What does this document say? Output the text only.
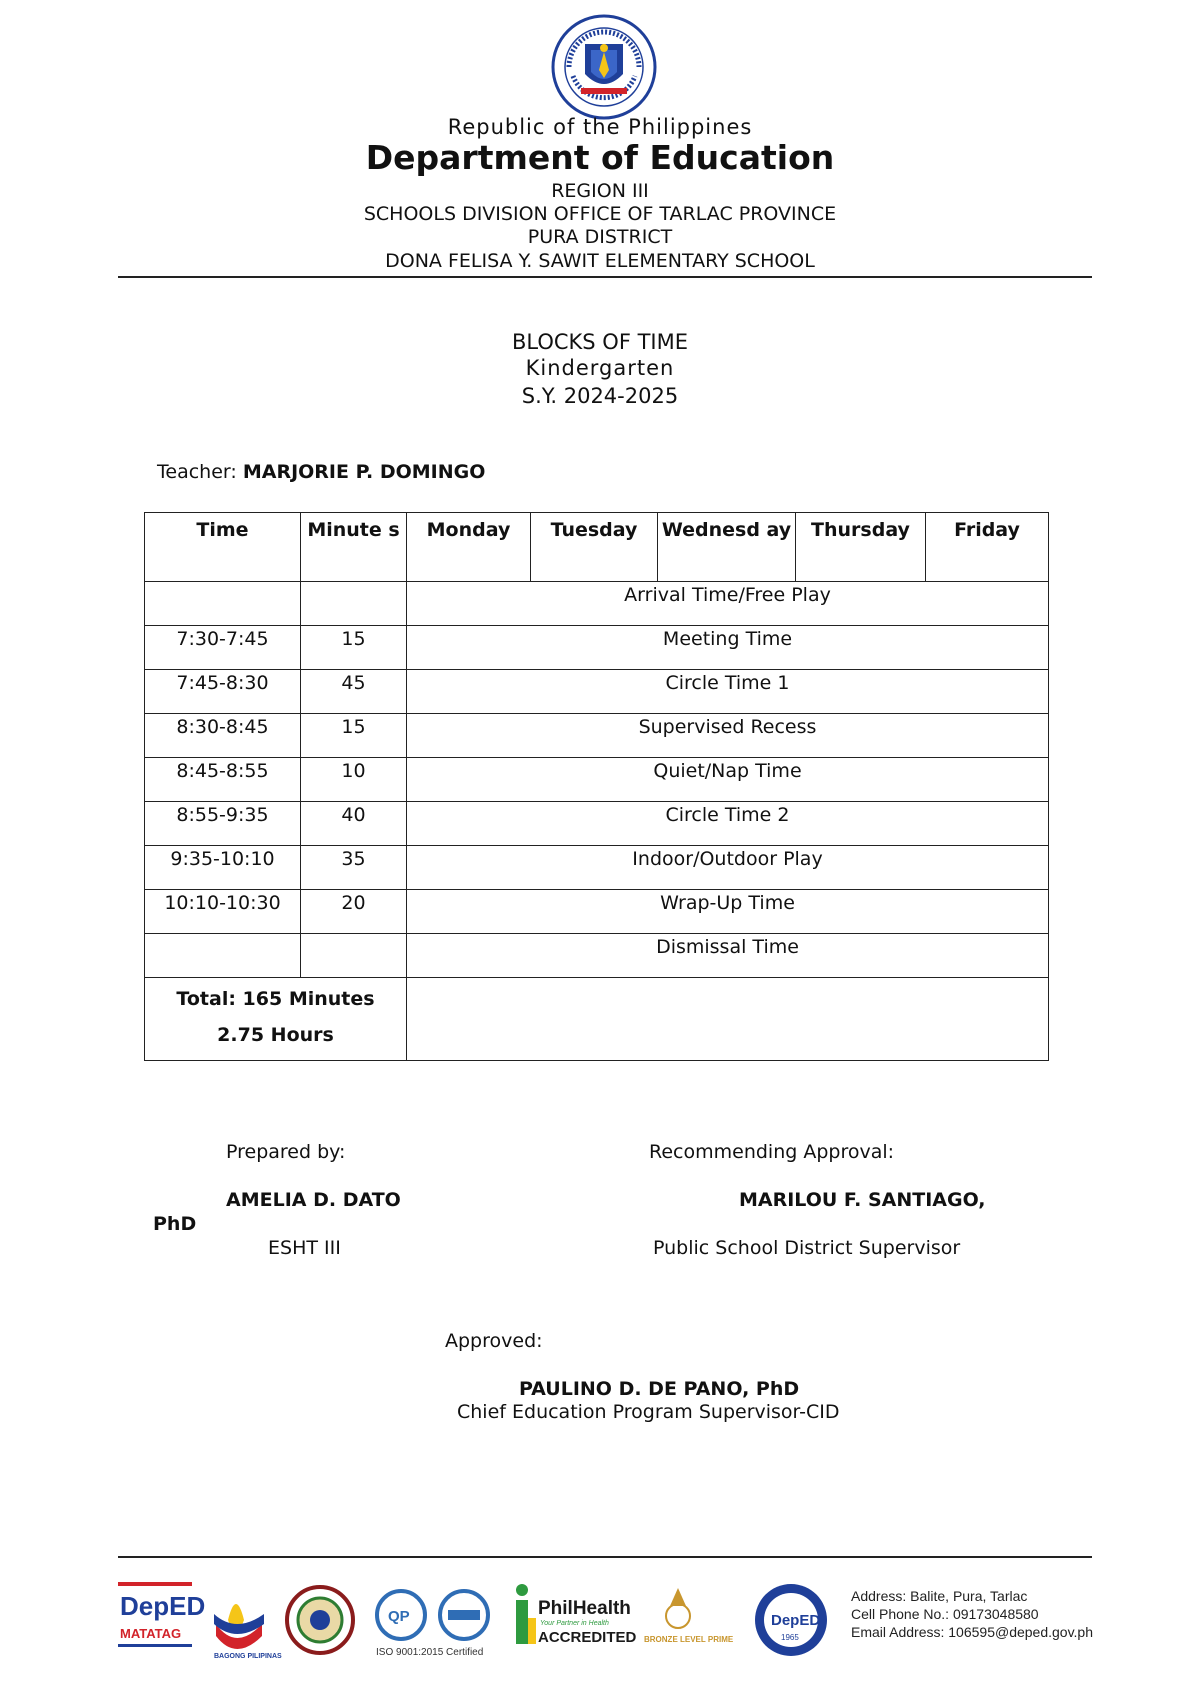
Republic of the Philippines
Department of Education
REGION III
SCHOOLS DIVISION OFFICE OF TARLAC PROVINCE
PURA DISTRICT
DONA FELISA Y. SAWIT ELEMENTARY SCHOOL
BLOCKS OF TIME
Kindergarten
S.Y. 2024-2025
Teacher: MARJORIE P. DOMINGO
Time	Minute s	Monday	Tuesday	Wednesd ay	Thursday	Friday
		Arrival Time/Free Play				
7:30-7:45	15	Meeting Time				
7:45-8:30	45	Circle Time 1				
8:30-8:45	15	Supervised Recess				
8:45-8:55	10	Quiet/Nap Time				
8:55-9:35	40	Circle Time 2				
9:35-10:10	35	Indoor/Outdoor Play				
10:10-10:30	20	Wrap-Up Time				
		Dismissal Time				

Total: 165 Minutes
2.75 Hours						

Prepared by:	Recommending Approval:
AMELIA D. DATO	MARILOU F. SANTIAGO,
PhD
ESHT III	Public School District Supervisor
Approved:
PAULINO D. DE PANO, PhD
Chief Education Program Supervisor-CID
DepED
MATATAG
BAGONG PILIPINAS
QP
ISO 9001:2015 Certified
PhilHealth
Your Partner in Health
ACCREDITED BRONZE LEVEL PRIME
DepED
1965
Address: Balite, Pura, Tarlac
Cell Phone No.: 09173048580
Email Address: 106595@deped.gov.ph
